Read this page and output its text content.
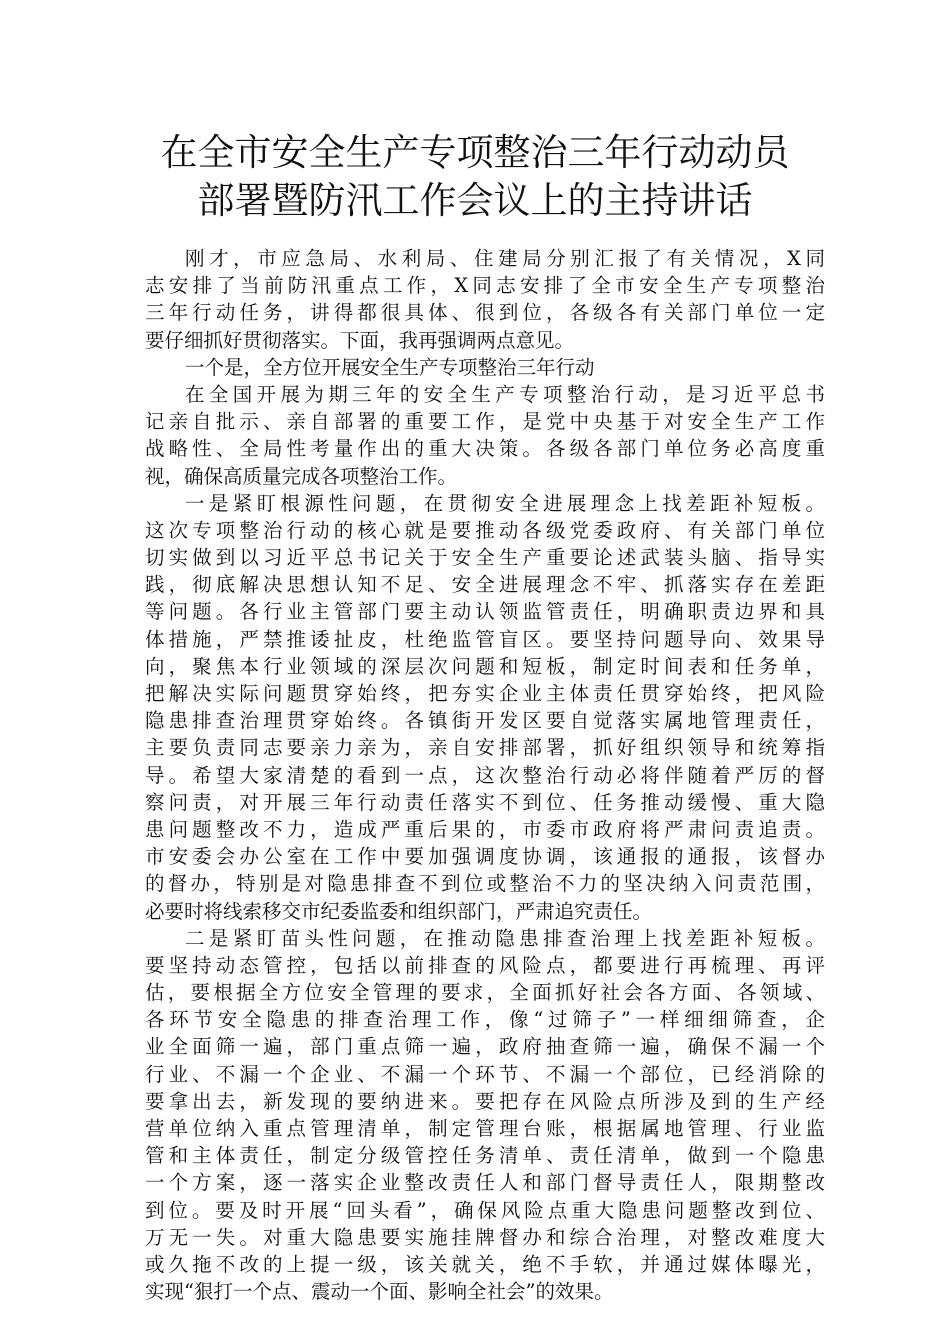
在全市安全生产专项整治三年行动动员
部署暨防汛工作会议上的主持讲话
刚才，市应急局、水利局、住建局分别汇报了有关情况，X同
志安排了当前防汛重点工作，X同志安排了全市安全生产专项整治
三年行动任务，讲得都很具体、很到位，各级各有关部门单位一定
要仔细抓好贯彻落实。下面，我再强调两点意见。
一个是，全方位开展安全生产专项整治三年行动
在全国开展为期三年的安全生产专项整治行动，是习近平总书
记亲自批示、亲自部署的重要工作，是党中央基于对安全生产工作
战略性、全局性考量作出的重大决策。各级各部门单位务必高度重
视，确保高质量完成各项整治工作。
一是紧盯根源性问题，在贯彻安全进展理念上找差距补短板。
这次专项整治行动的核心就是要推动各级党委政府、有关部门单位
切实做到以习近平总书记关于安全生产重要论述武装头脑、指导实
践，彻底解决思想认知不足、安全进展理念不牢、抓落实存在差距
等问题。各行业主管部门要主动认领监管责任，明确职责边界和具
体措施，严禁推诿扯皮，杜绝监管盲区。要坚持问题导向、效果导
向，聚焦本行业领域的深层次问题和短板，制定时间表和任务单，
把解决实际问题贯穿始终，把夯实企业主体责任贯穿始终，把风险
隐患排查治理贯穿始终。各镇街开发区要自觉落实属地管理责任，
主要负责同志要亲力亲为，亲自安排部署，抓好组织领导和统筹指
导。希望大家清楚的看到一点，这次整治行动必将伴随着严厉的督
察问责，对开展三年行动责任落实不到位、任务推动缓慢、重大隐
患问题整改不力，造成严重后果的，市委市政府将严肃问责追责。
市安委会办公室在工作中要加强调度协调，该通报的通报，该督办
的督办，特别是对隐患排查不到位或整治不力的坚决纳入问责范围，
必要时将线索移交市纪委监委和组织部门，严肃追究责任。
二是紧盯苗头性问题，在推动隐患排查治理上找差距补短板。
要坚持动态管控，包括以前排查的风险点，都要进行再梳理、再评
估，要根据全方位安全管理的要求，全面抓好社会各方面、各领域、
各环节安全隐患的排查治理工作，像“过筛子”一样细细筛查，企
业全面筛一遍，部门重点筛一遍，政府抽查筛一遍，确保不漏一个
行业、不漏一个企业、不漏一个环节、不漏一个部位，已经消除的
要拿出去，新发现的要纳进来。要把存在风险点所涉及到的生产经
营单位纳入重点管理清单，制定管理台账，根据属地管理、行业监
管和主体责任，制定分级管控任务清单、责任清单，做到一个隐患
一个方案，逐一落实企业整改责任人和部门督导责任人，限期整改
到位。要及时开展“回头看”，确保风险点重大隐患问题整改到位、
万无一失。对重大隐患要实施挂牌督办和综合治理，对整改难度大
或久拖不改的上提一级，该关就关，绝不手软，并通过媒体曝光，
实现“狠打一个点、震动一个面、影响全社会”的效果。
